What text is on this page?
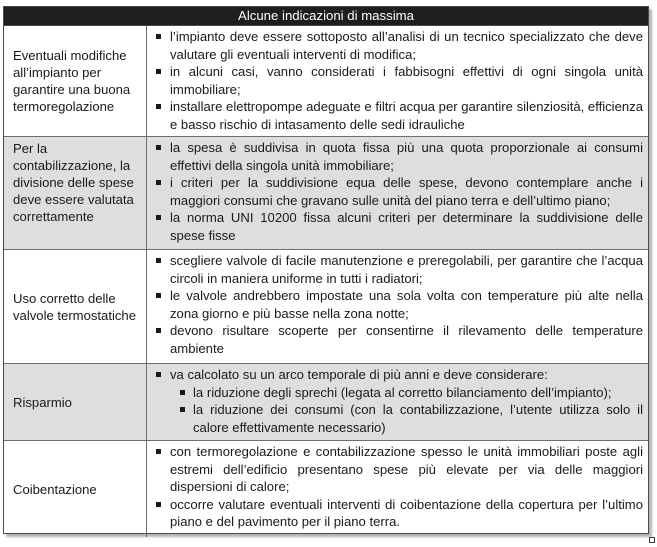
Alcune indicazioni di massima
Eventuali modifiche all’impianto per garantire una buona termoregolazione
l’impianto deve essere sottoposto all’analisi di un tecnico specializzato che deve valutare gli eventuali interventi di modifica;
in alcuni casi, vanno considerati i fabbisogni effettivi di ogni singola unità immobiliare;
installare elettropompe adeguate e filtri acqua per garantire silenziosità, efficienza e basso rischio di intasamento delle sedi idrauliche
Per la contabilizzazione, la divisione delle spese deve essere valutata correttamente
la spesa è suddivisa in quota fissa più una quota proporzionale ai consumi effettivi della singola unità immobiliare;
i criteri per la suddivisione equa delle spese, devono contemplare anche i maggiori consumi che gravano sulle unità del piano terra e dell’ultimo piano;
la norma UNI 10200 fissa alcuni criteri per determinare la suddivisione delle spese fisse
Uso corretto delle valvole termostatiche
scegliere valvole di facile manutenzione e preregolabili, per garantire che l’acqua circoli in maniera uniforme in tutti i radiatori;
le valvole andrebbero impostate una sola volta con temperature più alte nella zona giorno e più basse nella zona notte;
devono risultare scoperte per consentirne il rilevamento delle temperature ambiente
Risparmio
va calcolato su un arco temporale di più anni e deve considerare:
la riduzione degli sprechi (legata al corretto bilanciamento dell’impianto);
la riduzione dei consumi (con la contabilizzazione, l’utente utilizza solo il calore effettivamente necessario)
Coibentazione
con termoregolazione e contabilizzazione spesso le unità immobiliari poste agli estremi dell’edificio presentano spese più elevate per via delle maggiori dispersioni di calore;
occorre valutare eventuali interventi di coibentazione della copertura per l’ultimo piano e del pavimento per il piano terra.
